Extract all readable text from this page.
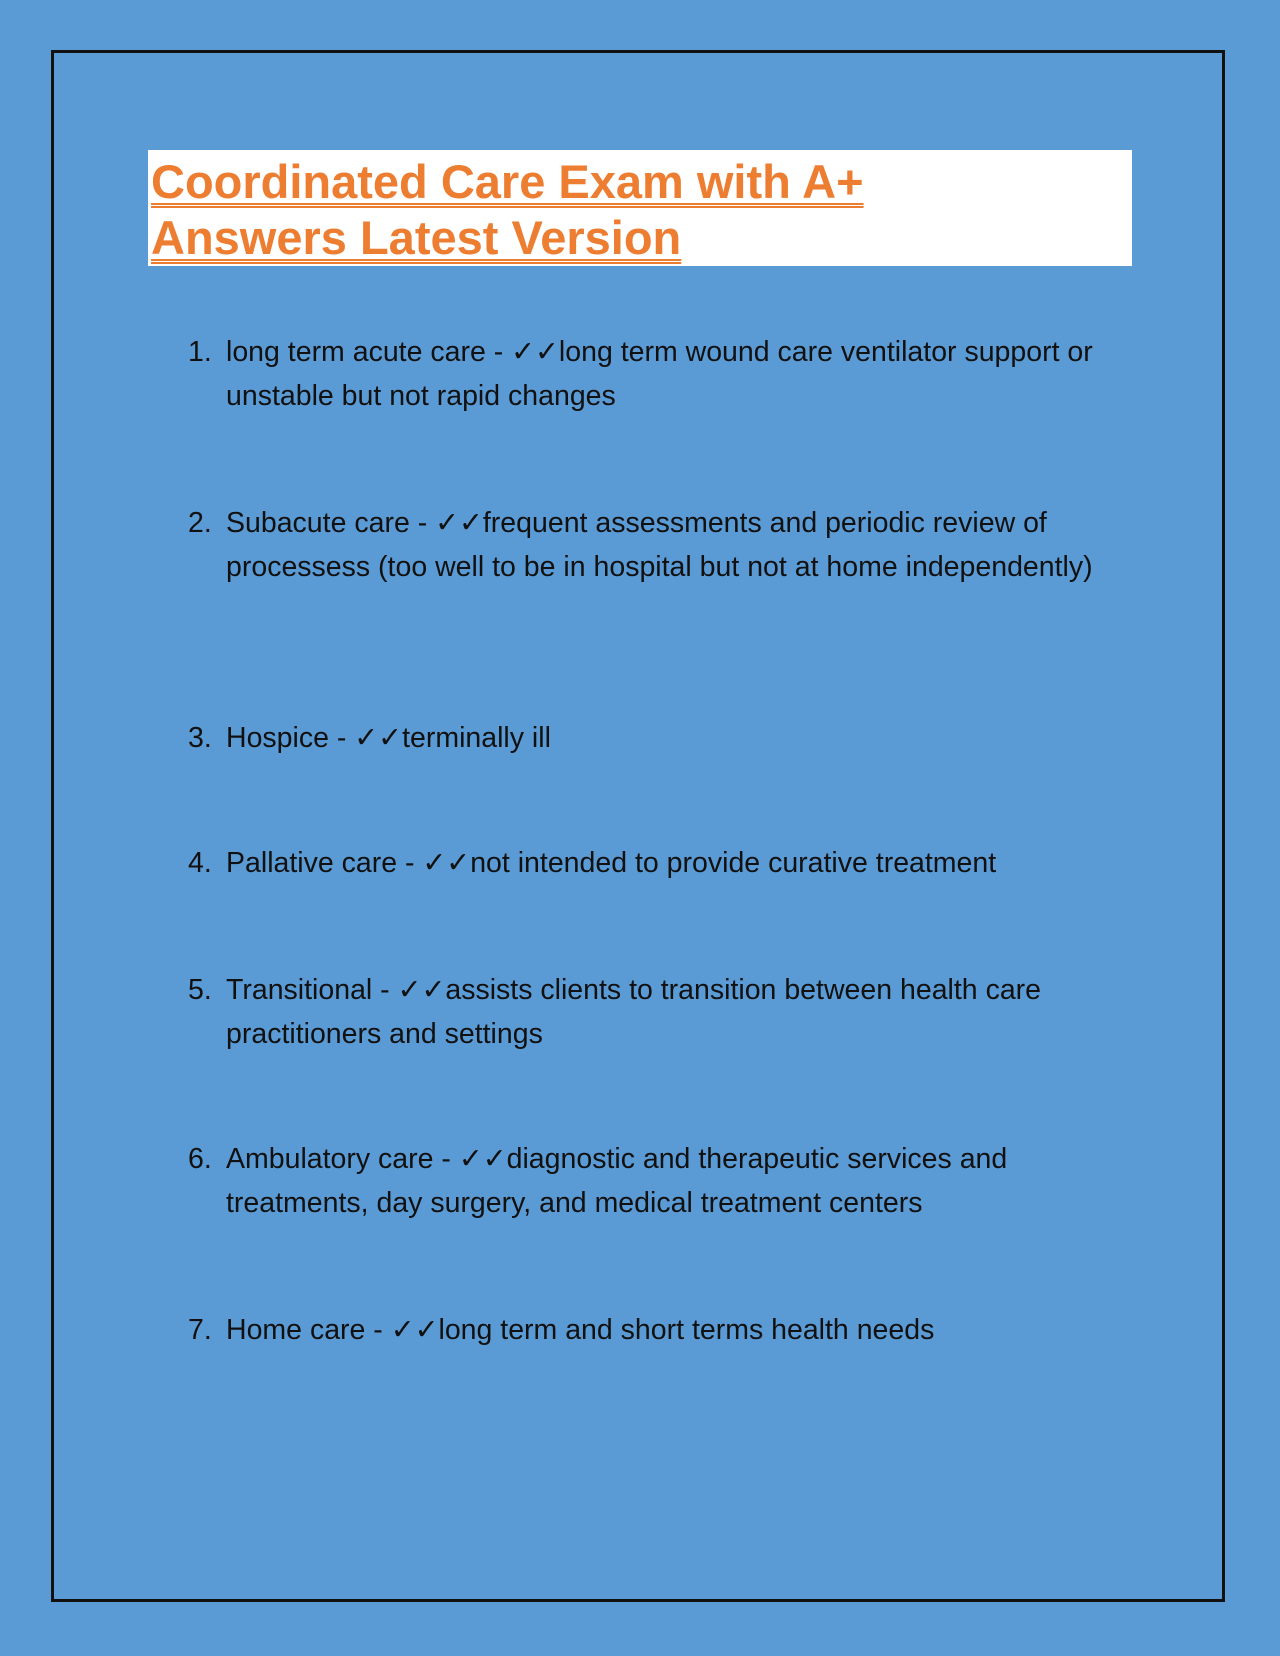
Coordinated Care Exam with A+
Answers Latest Version
1. long term acute care - ✓✓long term wound care ventilator support or unstable but not rapid changes
2. Subacute care - ✓✓frequent assessments and periodic review of processess (too well to be in hospital but not at home independently)
3. Hospice - ✓✓terminally ill
4. Pallative care - ✓✓not intended to provide curative treatment
5. Transitional - ✓✓assists clients to transition between health care practitioners and settings
6. Ambulatory care - ✓✓diagnostic and therapeutic services and treatments, day surgery, and medical treatment centers
7. Home care - ✓✓long term and short terms health needs
